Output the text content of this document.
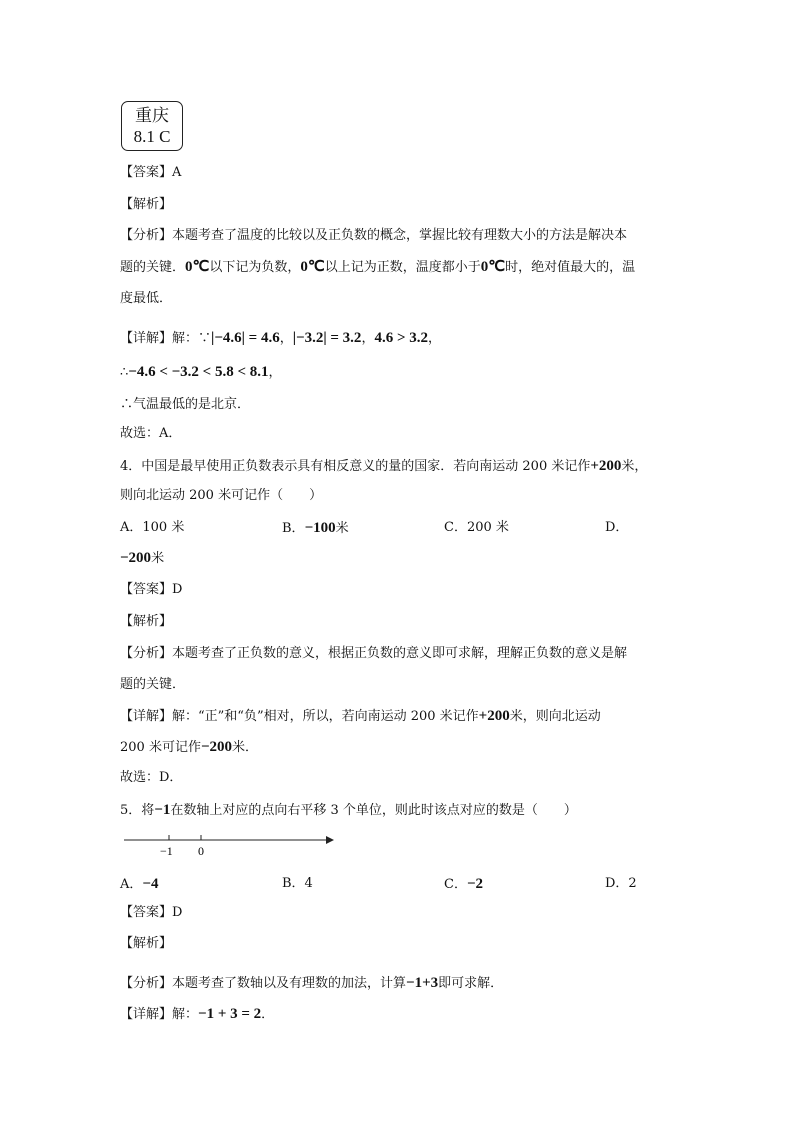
重庆
8.1 C
【答案】A
【解析】
【分析】本题考查了温度的比较以及正负数的概念，掌握比较有理数大小的方法是解决本
题的关键．0℃以下记为负数，0℃以上记为正数，温度都小于0℃时，绝对值最大的，温
度最低．
【详解】解：∵|−4.6| = 4.6，|−3.2| = 3.2，4.6 > 3.2，
∴−4.6 < −3.2 < 5.8 < 8.1，
∴气温最低的是北京．
故选：A．
4．中国是最早使用正负数表示具有相反意义的量的国家．若向南运动 200 米记作+200米，
则向北运动 200 米可记作（　　）
A．100 米	B．−100米	C．200 米	D．
−200米
【答案】D
【解析】
【分析】本题考查了正负数的意义，根据正负数的意义即可求解，理解正负数的意义是解
题的关键．
【详解】解：“正”和“负”相对，所以，若向南运动 200 米记作+200米，则向北运动
200 米可记作−200米．
故选：D．
5．将−1在数轴上对应的点向右平移 3 个单位，则此时该点对应的数是（　　）
−1 0
A．−4	B．4	C．−2	D．2
【答案】D
【解析】
【分析】本题考查了数轴以及有理数的加法，计算−1+3即可求解．
【详解】解：−1 + 3 = 2．
